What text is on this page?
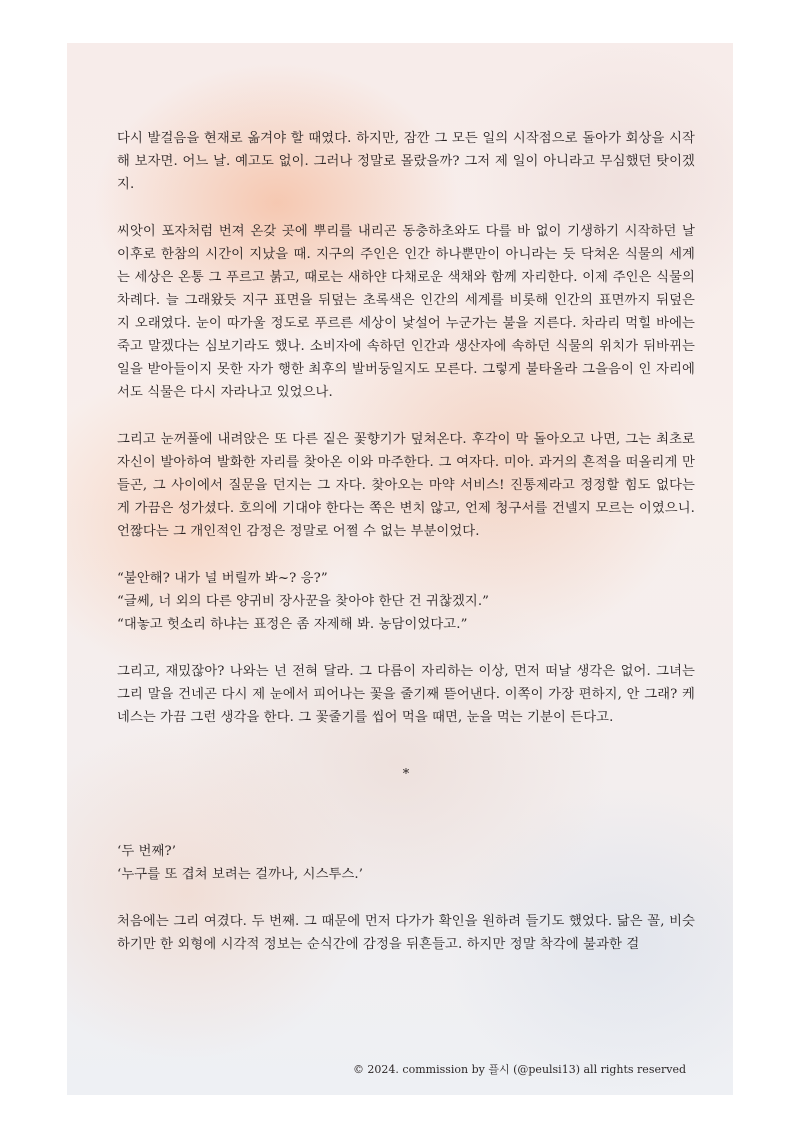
다시 발걸음을 현재로 옮겨야 할 때였다. 하지만, 잠깐 그 모든 일의 시작점으로 돌아가 회상을 시작해 보자면. 어느 날. 예고도 없이. 그러나 정말로 몰랐을까? 그저 제 일이 아니라고 무심했던 탓이겠지.

씨앗이 포자처럼 번져 온갖 곳에 뿌리를 내리곤 동충하초와도 다를 바 없이 기생하기 시작하던 날 이후로 한참의 시간이 지났을 때. 지구의 주인은 인간 하나뿐만이 아니라는 듯 닥쳐온 식물의 세계는 세상은 온통 그 푸르고 붉고, 때로는 새하얀 다채로운 색채와 함께 자리한다. 이제 주인은 식물의 차례다. 늘 그래왔듯 지구 표면을 뒤덮는 초록색은 인간의 세계를 비롯해 인간의 표면까지 뒤덮은 지 오래였다. 눈이 따가울 정도로 푸르른 세상이 낯설어 누군가는 불을 지른다. 차라리 먹힐 바에는 죽고 말겠다는 심보기라도 했나. 소비자에 속하던 인간과 생산자에 속하던 식물의 위치가 뒤바뀌는 일을 받아들이지 못한 자가 행한 최후의 발버둥일지도 모른다. 그렇게 불타올라 그을음이 인 자리에서도 식물은 다시 자라나고 있었으나.

그리고 눈꺼풀에 내려앉은 또 다른 짙은 꽃향기가 덮쳐온다. 후각이 막 돌아오고 나면, 그는 최초로 자신이 발아하여 발화한 자리를 찾아온 이와 마주한다. 그 여자다. 미아. 과거의 흔적을 떠올리게 만들곤, 그 사이에서 질문을 던지는 그 자다. 찾아오는 마약 서비스! 진통제라고 정정할 힘도 없다는 게 가끔은 성가셨다. 호의에 기대야 한다는 쪽은 변치 않고, 언제 청구서를 건넬지 모르는 이였으니. 언짢다는 그 개인적인 감정은 정말로 어쩔 수 없는 부분이었다.

“불안해? 내가 널 버릴까 봐~? 응?”
“글쎄, 너 외의 다른 양귀비 장사꾼을 찾아야 한단 건 귀찮겠지.”
“대놓고 헛소리 하냐는 표정은 좀 자제해 봐. 농담이었다고.”

그리고, 재밌잖아? 나와는 넌 전혀 달라. 그 다름이 자리하는 이상, 먼저 떠날 생각은 없어. 그녀는 그리 말을 건네곤 다시 제 눈에서 피어나는 꽃을 줄기째 뜯어낸다. 이쪽이 가장 편하지, 안 그래? 케네스는 가끔 그런 생각을 한다. 그 꽃줄기를 씹어 먹을 때면, 눈을 먹는 기분이 든다고.

*
‘두 번째?’
‘누구를 또 겹쳐 보려는 걸까나, 시스투스.’

처음에는 그리 여겼다. 두 번째. 그 때문에 먼저 다가가 확인을 원하려 들기도 했었다. 닮은 꼴, 비슷하기만 한 외형에 시각적 정보는 순식간에 감정을 뒤흔들고. 하지만 정말 착각에 불과한 걸

© 2024. commission by 플시 (@peulsi13) all rights reserved
